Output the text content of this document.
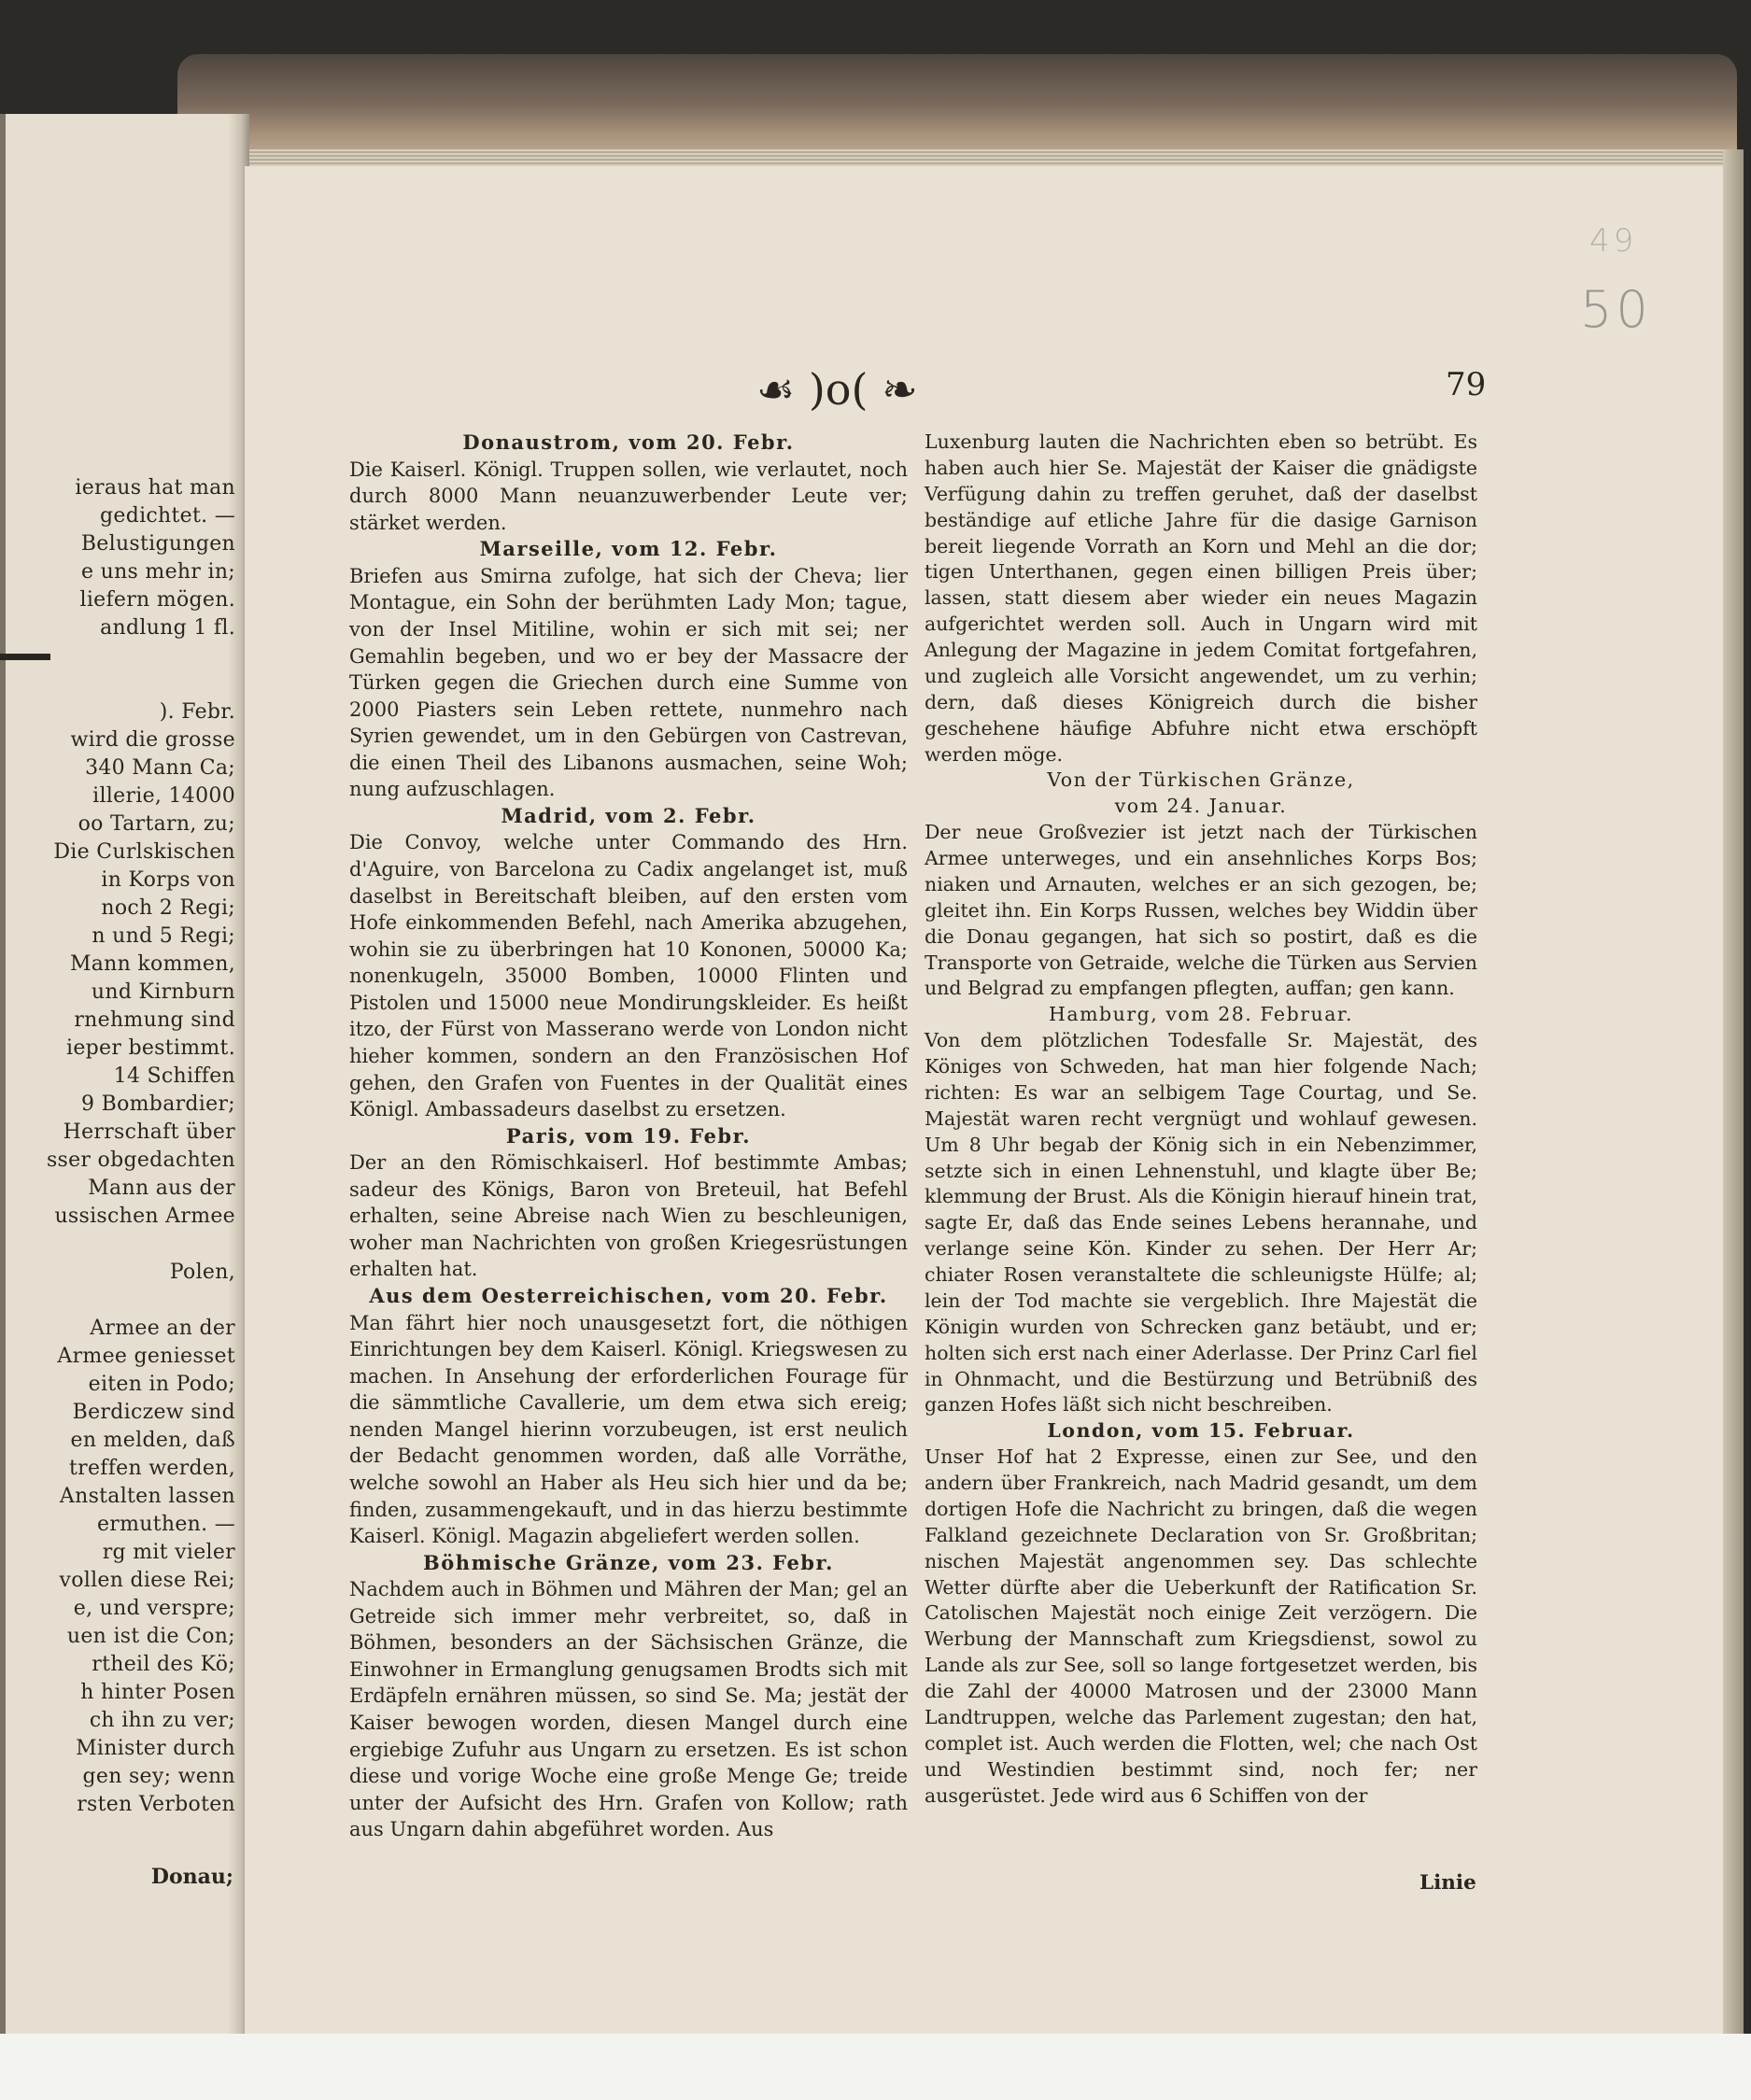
ieraus hat man
gedichtet. —
Belustigungen
e uns mehr in;
liefern mögen.
andlung 1 fl.
). Febr.
wird die grosse
340 Mann Ca;
illerie, 14000
oo Tartarn, zu;
Die Curlskischen
in Korps von
noch 2 Regi;
n und 5 Regi;
Mann kommen,
und Kirnburn
rnehmung sind
ieper bestimmt.
14 Schiffen
9 Bombardier;
Herrschaft über
sser obgedachten
Mann aus der
ussischen Armee
Polen,
Armee an der
Armee geniesset
eiten in Podo;
Berdiczew sind
en melden, daß
treffen werden,
Anstalten lassen
ermuthen. —
rg mit vieler
vollen diese Rei;
e, und verspre;
uen ist die Con;
rtheil des Kö;
h hinter Posen
ch ihn zu ver;
Minister durch
gen sey; wenn
rsten Verboten
Donau;
49
50
☙ )o( ❧	79

Donaustrom, vom 20. Febr.

Die Kaiserl. Königl. Truppen sollen, wie verlautet, noch durch 8000 Mann neuanzuwerbender Leute ver; stärket werden.

Marseille, vom 12. Febr.

Briefen aus Smirna zufolge, hat sich der Cheva; lier Montague, ein Sohn der berühmten Lady Mon; tague, von der Insel Mitiline, wohin er sich mit sei; ner Gemahlin begeben, und wo er bey der Massacre der Türken gegen die Griechen durch eine Summe von 2000 Piasters sein Leben rettete, nunmehro nach Syrien gewendet, um in den Gebürgen von Castrevan, die einen Theil des Libanons ausmachen, seine Woh; nung aufzuschlagen.

Madrid, vom 2. Febr.

Die Convoy, welche unter Commando des Hrn. d'Aguire, von Barcelona zu Cadix angelanget ist, muß daselbst in Bereitschaft bleiben, auf den ersten vom Hofe einkommenden Befehl, nach Amerika abzugehen, wohin sie zu überbringen hat 10 Kononen, 50000 Ka; nonenkugeln, 35000 Bomben, 10000 Flinten und Pistolen und 15000 neue Mondirungskleider. Es heißt itzo, der Fürst von Masserano werde von London nicht hieher kommen, sondern an den Französischen Hof gehen, den Grafen von Fuentes in der Qualität eines Königl. Ambassadeurs daselbst zu ersetzen.

Paris, vom 19. Febr.

Der an den Römischkaiserl. Hof bestimmte Ambas; sadeur des Königs, Baron von Breteuil, hat Befehl erhalten, seine Abreise nach Wien zu beschleunigen, woher man Nachrichten von großen Kriegesrüstungen erhalten hat.

Aus dem Oesterreichischen, vom 20. Febr.

Man fährt hier noch unausgesetzt fort, die nöthigen Einrichtungen bey dem Kaiserl. Königl. Kriegswesen zu machen. In Ansehung der erforderlichen Fourage für die sämmtliche Cavallerie, um dem etwa sich ereig; nenden Mangel hierinn vorzubeugen, ist erst neulich der Bedacht genommen worden, daß alle Vorräthe, welche sowohl an Haber als Heu sich hier und da be; finden, zusammengekauft, und in das hierzu bestimmte Kaiserl. Königl. Magazin abgeliefert werden sollen.

Böhmische Gränze, vom 23. Febr.

Nachdem auch in Böhmen und Mähren der Man; gel an Getreide sich immer mehr verbreitet, so, daß in Böhmen, besonders an der Sächsischen Gränze, die Einwohner in Ermanglung genugsamen Brodts sich mit Erdäpfeln ernähren müssen, so sind Se. Ma; jestät der Kaiser bewogen worden, diesen Mangel durch eine ergiebige Zufuhr aus Ungarn zu ersetzen. Es ist schon diese und vorige Woche eine große Menge Ge; treide unter der Aufsicht des Hrn. Grafen von Kollow; rath aus Ungarn dahin abgeführet worden. Aus

Luxenburg lauten die Nachrichten eben so betrübt. Es haben auch hier Se. Majestät der Kaiser die gnädigste Verfügung dahin zu treffen geruhet, daß der daselbst beständige auf etliche Jahre für die dasige Garnison bereit liegende Vorrath an Korn und Mehl an die dor; tigen Unterthanen, gegen einen billigen Preis über; lassen, statt diesem aber wieder ein neues Magazin aufgerichtet werden soll. Auch in Ungarn wird mit Anlegung der Magazine in jedem Comitat fortgefahren, und zugleich alle Vorsicht angewendet, um zu verhin; dern, daß dieses Königreich durch die bisher geschehene häufige Abfuhre nicht etwa erschöpft werden möge.

Von der Türkischen Gränze,

vom 24. Januar.

Der neue Großvezier ist jetzt nach der Türkischen Armee unterweges, und ein ansehnliches Korps Bos; niaken und Arnauten, welches er an sich gezogen, be; gleitet ihn. Ein Korps Russen, welches bey Widdin über die Donau gegangen, hat sich so postirt, daß es die Transporte von Getraide, welche die Türken aus Servien und Belgrad zu empfangen pflegten, auffan; gen kann.

Hamburg, vom 28. Februar.

Von dem plötzlichen Todesfalle Sr. Majestät, des Königes von Schweden, hat man hier folgende Nach; richten: Es war an selbigem Tage Courtag, und Se. Majestät waren recht vergnügt und wohlauf gewesen. Um 8 Uhr begab der König sich in ein Nebenzimmer, setzte sich in einen Lehnenstuhl, und klagte über Be; klemmung der Brust. Als die Königin hierauf hinein trat, sagte Er, daß das Ende seines Lebens herannahe, und verlange seine Kön. Kinder zu sehen. Der Herr Ar; chiater Rosen veranstaltete die schleunigste Hülfe; al; lein der Tod machte sie vergeblich. Ihre Majestät die Königin wurden von Schrecken ganz betäubt, und er; holten sich erst nach einer Aderlasse. Der Prinz Carl fiel in Ohnmacht, und die Bestürzung und Betrübniß des ganzen Hofes läßt sich nicht beschreiben.

London, vom 15. Februar.

Unser Hof hat 2 Expresse, einen zur See, und den andern über Frankreich, nach Madrid gesandt, um dem dortigen Hofe die Nachricht zu bringen, daß die wegen Falkland gezeichnete Declaration von Sr. Großbritan; nischen Majestät angenommen sey. Das schlechte Wetter dürfte aber die Ueberkunft der Ratification Sr. Catolischen Majestät noch einige Zeit verzögern. Die Werbung der Mannschaft zum Kriegsdienst, sowol zu Lande als zur See, soll so lange fortgesetzet werden, bis die Zahl der 40000 Matrosen und der 23000 Mann Landtruppen, welche das Parlement zugestan; den hat, complet ist. Auch werden die Flotten, wel; che nach Ost und Westindien bestimmt sind, noch fer; ner ausgerüstet. Jede wird aus 6 Schiffen von der

Linie
